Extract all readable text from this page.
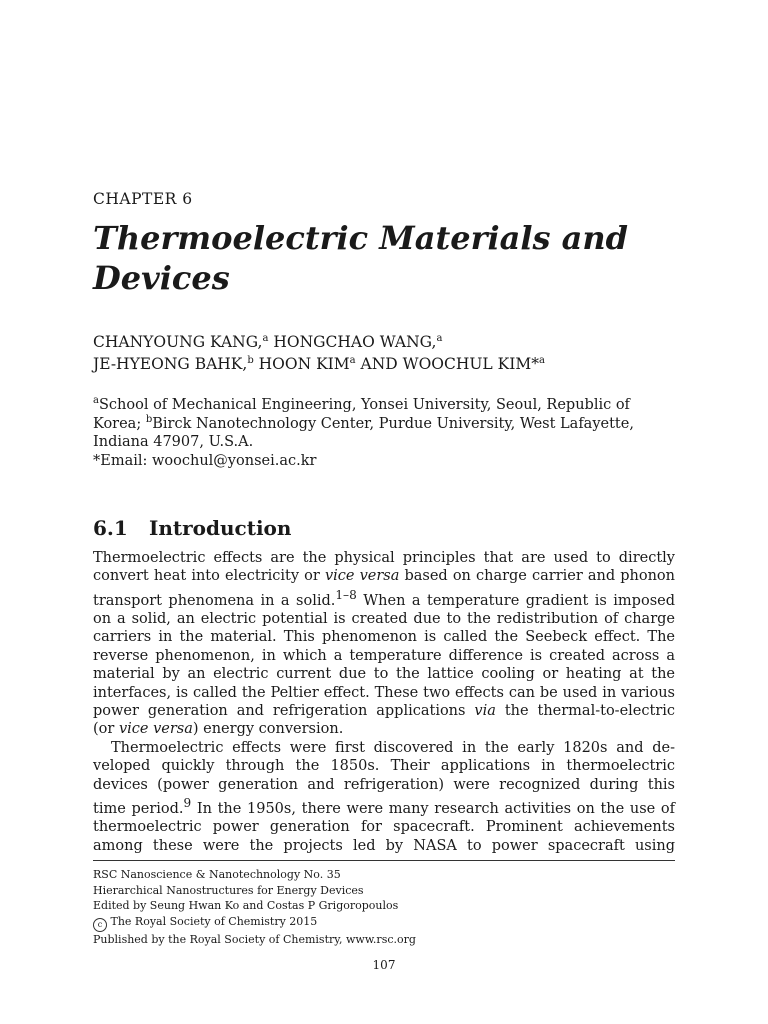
CHAPTER 6
Thermoelectric Materials and
Devices
CHANYOUNG KANG,$^a$ HONGCHAO WANG,$^a$
JE-HYEONG BAHK,$^b$ HOON KIM$^a$ AND WOOCHUL KIM*$^a$
$^a$School of Mechanical Engineering, Yonsei University, Seoul, Republic of
Korea; $^b$Birck Nanotechnology Center, Purdue University, West Lafayette,
Indiana 47907, U.S.A.
*Email: woochul@yonsei.ac.kr
6.1 Introduction
Thermoelectric effects are the physical principles that are used to directly
convert heat into electricity or vice versa based on charge carrier and phonon
transport phenomena in a solid.$^{1-8}$ When a temperature gradient is imposed
on a solid, an electric potential is created due to the redistribution of charge
carriers in the material. This phenomenon is called the Seebeck effect. The
reverse phenomenon, in which a temperature difference is created across a
material by an electric current due to the lattice cooling or heating at the
interfaces, is called the Peltier effect. These two effects can be used in various
power generation and refrigeration applications via the thermal-to-electric
(or vice versa) energy conversion.
Thermoelectric effects were first discovered in the early 1820s and de-
veloped quickly through the 1850s. Their applications in thermoelectric
devices (power generation and refrigeration) were recognized during this
time period.$^9$ In the 1950s, there were many research activities on the use of
thermoelectric power generation for spacecraft. Prominent achievements
among these were the projects led by NASA to power spacecraft using
RSC Nanoscience & Nanotechnology No. 35
Hierarchical Nanostructures for Energy Devices
Edited by Seung Hwan Ko and Costas P Grigoropoulos
c The Royal Society of Chemistry 2015
Published by the Royal Society of Chemistry, www.rsc.org
107
